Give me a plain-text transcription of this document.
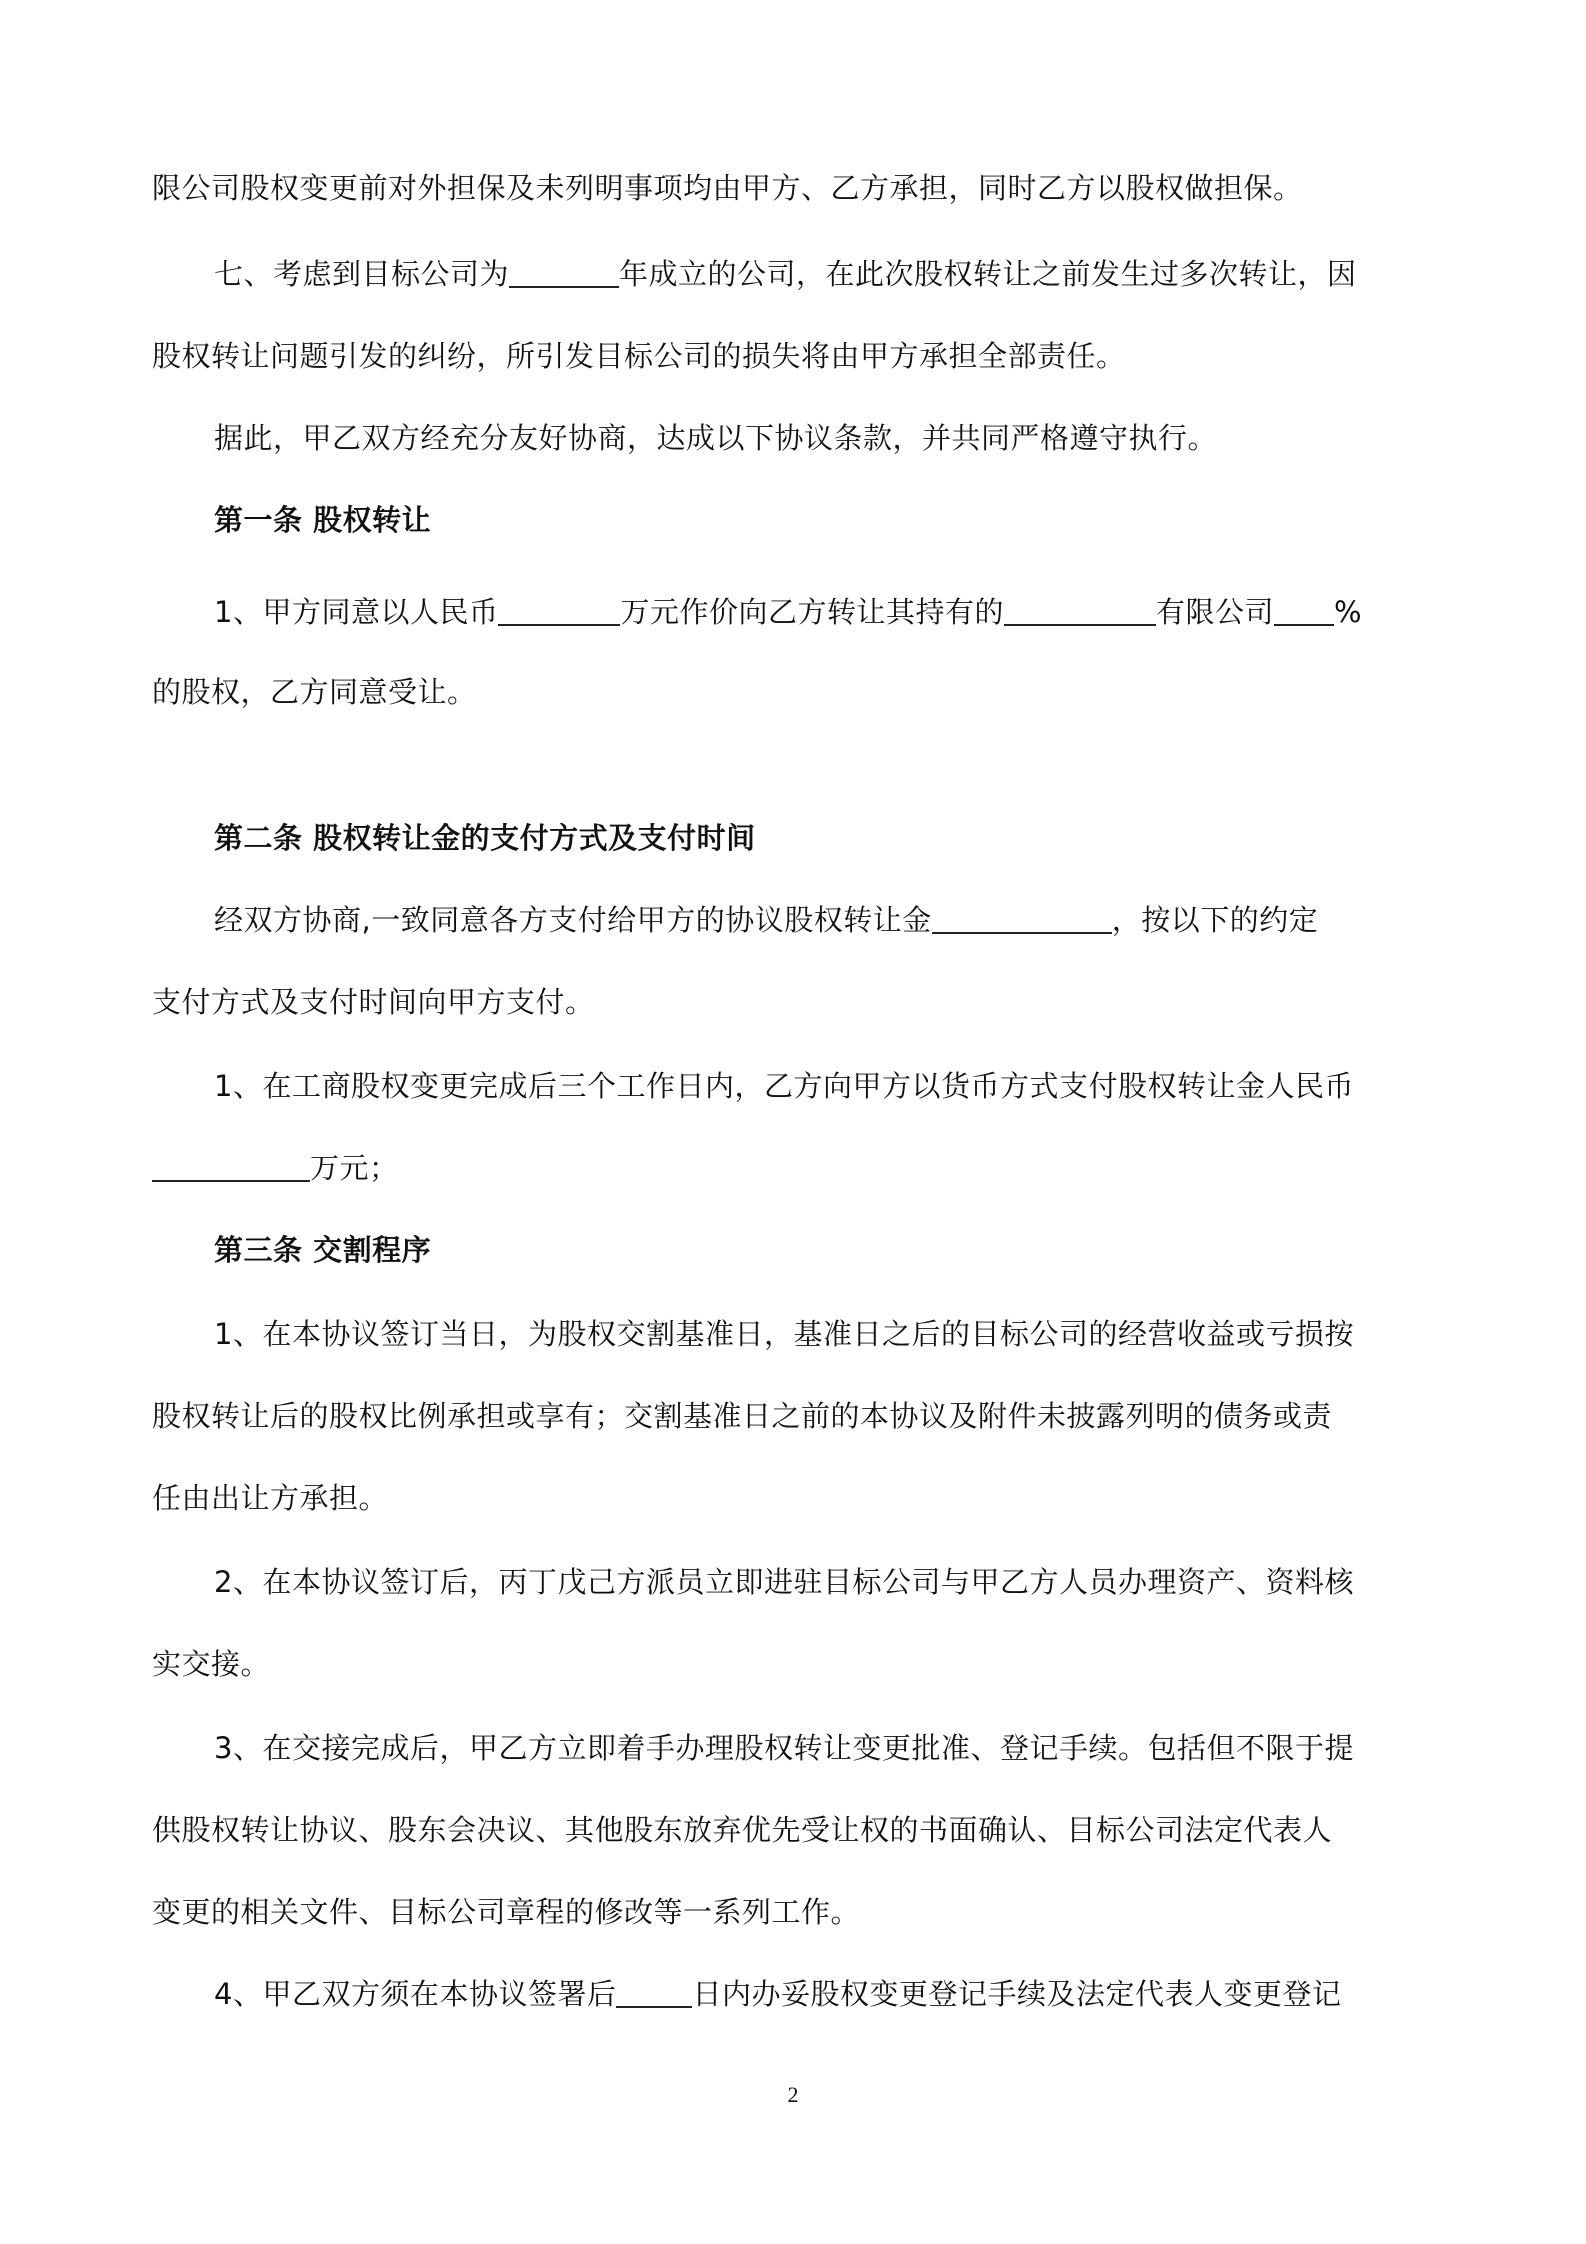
限公司股权变更前对外担保及未列明事项均由甲方、乙方承担，同时乙方以股权做担保。
七、考虑到目标公司为	年成立的公司，在此次股权转让之前发生过多次转让，因
股权转让问题引发的纠纷，所引发目标公司的损失将由甲方承担全部责任。
据此，甲乙双方经充分友好协商，达成以下协议条款，并共同严格遵守执行。
第一条 股权转让
1、甲方同意以人民币	万元作价向乙方转让其持有的	有限公司 %
的股权，乙方同意受让。
第二条 股权转让金的支付方式及支付时间
经双方协商,一致同意各方支付给甲方的协议股权转让金	，按以下的约定
支付方式及支付时间向甲方支付。
1、在工商股权变更完成后三个工作日内，乙方向甲方以货币方式支付股权转让金人民币
万元；
第三条 交割程序
1、在本协议签订当日，为股权交割基准日，基准日之后的目标公司的经营收益或亏损按
股权转让后的股权比例承担或享有；交割基准日之前的本协议及附件未披露列明的债务或责
任由出让方承担。
2、在本协议签订后，丙丁戊己方派员立即进驻目标公司与甲乙方人员办理资产、资料核
实交接。
3、在交接完成后，甲乙方立即着手办理股权转让变更批准、登记手续。包括但不限于提
供股权转让协议、股东会决议、其他股东放弃优先受让权的书面确认、目标公司法定代表人
变更的相关文件、目标公司章程的修改等一系列工作。
4、甲乙双方须在本协议签署后	日内办妥股权变更登记手续及法定代表人变更登记
2
